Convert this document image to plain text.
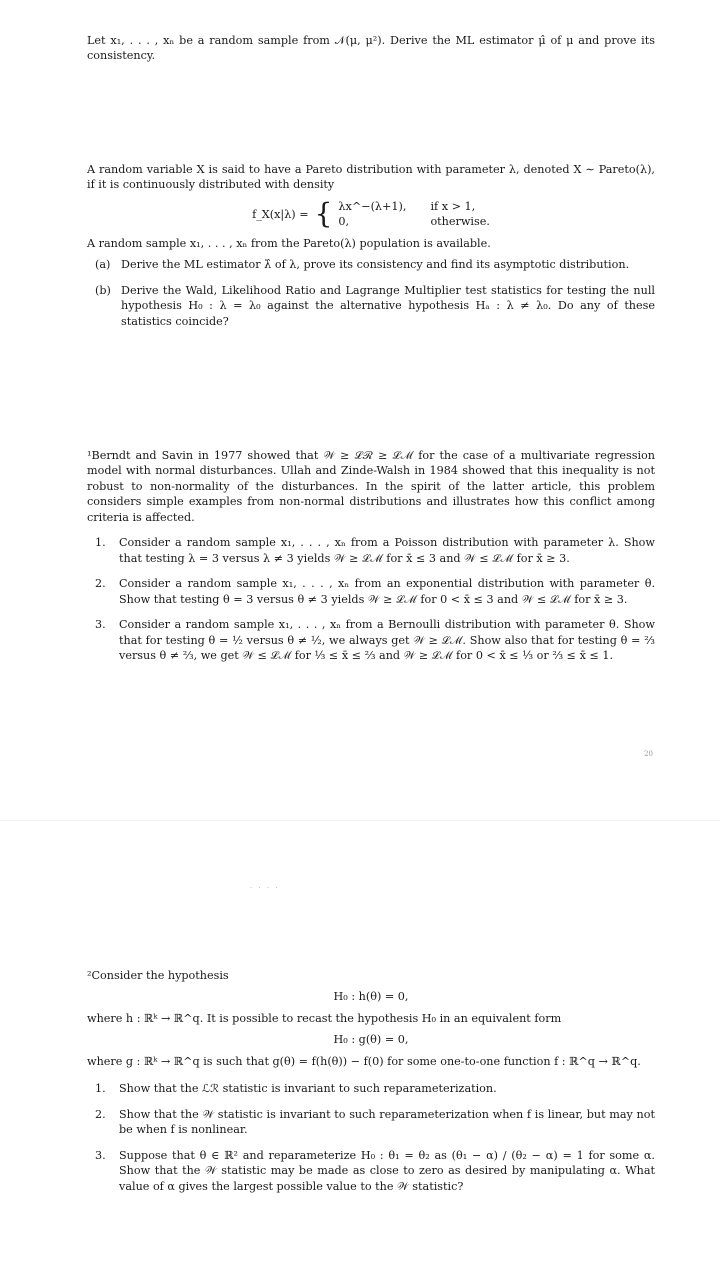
Let x₁, . . . , xₙ be a random sample from 𝒩(μ, μ²). Derive the ML estimator μ̂ of μ and prove its consistency.

A random variable X is said to have a Pareto distribution with parameter λ, denoted X ∼ Pareto(λ), if it is continuously distributed with density

f_X(x|λ) = { λx^−(λ+1), if x > 1,
0,	otherwise.

A random sample x₁, . . . , xₙ from the Pareto(λ) population is available.

(a) Derive the ML estimator λ̂ of λ, prove its consistency and find its asymptotic distribution.
(b) Derive the Wald, Likelihood Ratio and Lagrange Multiplier test statistics for testing the null hypothesis H₀ : λ = λ₀ against the alternative hypothesis Hₐ : λ ≠ λ₀. Do any of these statistics coincide?

¹Berndt and Savin in 1977 showed that 𝒲 ≥ ℒℛ ≥ ℒℳ for the case of a multivariate regression model with normal disturbances. Ullah and Zinde-Walsh in 1984 showed that this inequality is not robust to non-normality of the disturbances. In the spirit of the latter article, this problem considers simple examples from non-normal distributions and illustrates how this conflict among criteria is affected.

1.	Consider a random sample x₁, . . . , xₙ from a Poisson distribution with parameter λ. Show that testing λ = 3 versus λ ≠ 3 yields 𝒲 ≥ ℒℳ for x̄ ≤ 3 and 𝒲 ≤ ℒℳ for x̄ ≥ 3.
2.	Consider a random sample x₁, . . . , xₙ from an exponential distribution with parameter θ. Show that testing θ = 3 versus θ ≠ 3 yields 𝒲 ≥ ℒℳ for 0 < x̄ ≤ 3 and 𝒲 ≤ ℒℳ for x̄ ≥ 3.
3.	Consider a random sample x₁, . . . , xₙ from a Bernoulli distribution with parameter θ. Show that for testing θ = ½ versus θ ≠ ½, we always get 𝒲 ≥ ℒℳ. Show also that for testing θ = ⅔ versus θ ≠ ⅔, we get 𝒲 ≤ ℒℳ for ⅓ ≤ x̄ ≤ ⅔ and 𝒲 ≥ ℒℳ for 0 < x̄ ≤ ⅓ or ⅔ ≤ x̄ ≤ 1.
20
· · · ·

²Consider the hypothesis

H₀ : h(θ) = 0,

where h : ℝᵏ → ℝ^q. It is possible to recast the hypothesis H₀ in an equivalent form

H₀ : g(θ) = 0,

where g : ℝᵏ → ℝ^q is such that g(θ) = f(h(θ)) − f(0) for some one-to-one function f : ℝ^q → ℝ^q.

1.	Show that the ℒℛ statistic is invariant to such reparameterization.
2.	Show that the 𝒲 statistic is invariant to such reparameterization when f is linear, but may not be when f is nonlinear.
3.	Suppose that θ ∈ ℝ² and reparameterize H₀ : θ₁ = θ₂ as (θ₁ − α) / (θ₂ − α) = 1 for some α. Show that the 𝒲 statistic may be made as close to zero as desired by manipulating α. What value of α gives the largest possible value to the 𝒲 statistic?
